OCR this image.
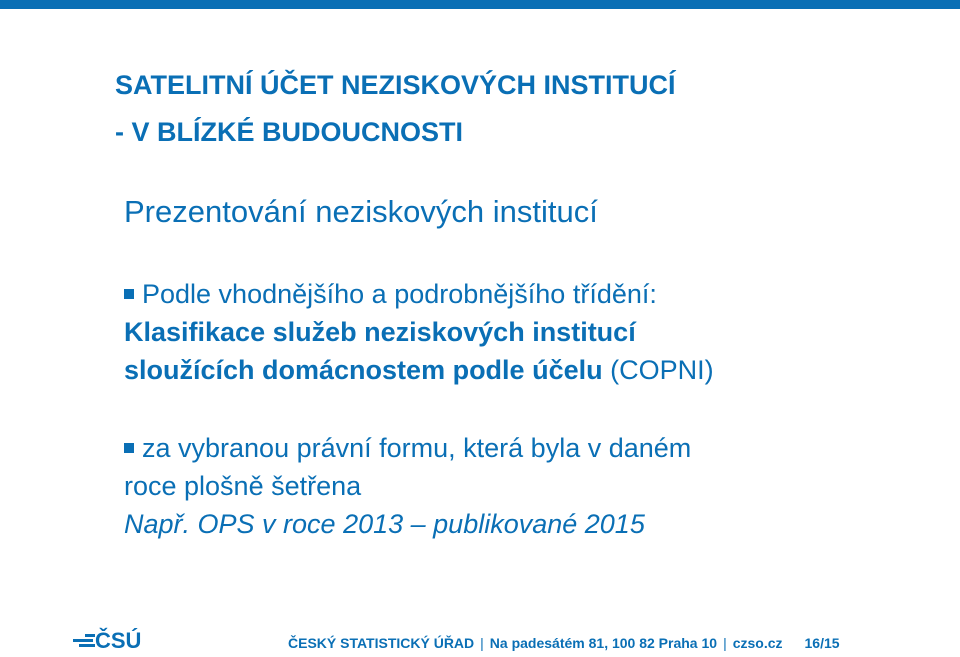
SATELITNÍ ÚČET NEZISKOVÝCH INSTITUCÍ
- V BLÍZKÉ BUDOUCNOSTI
Prezentování neziskových institucí
Podle vhodnějšího a podrobnějšího třídění:
Klasifikace služeb neziskových institucí
sloužících domácnostem podle účelu (COPNI)
za vybranou právní formu, která byla v daném
roce plošně šetřena
Např. OPS v roce 2013 – publikované 2015
ČSÚ	ČESKÝ STATISTICKÝ ÚŘAD | Na padesátém 81, 100 82 Praha 10 | czso.cz 16/15
